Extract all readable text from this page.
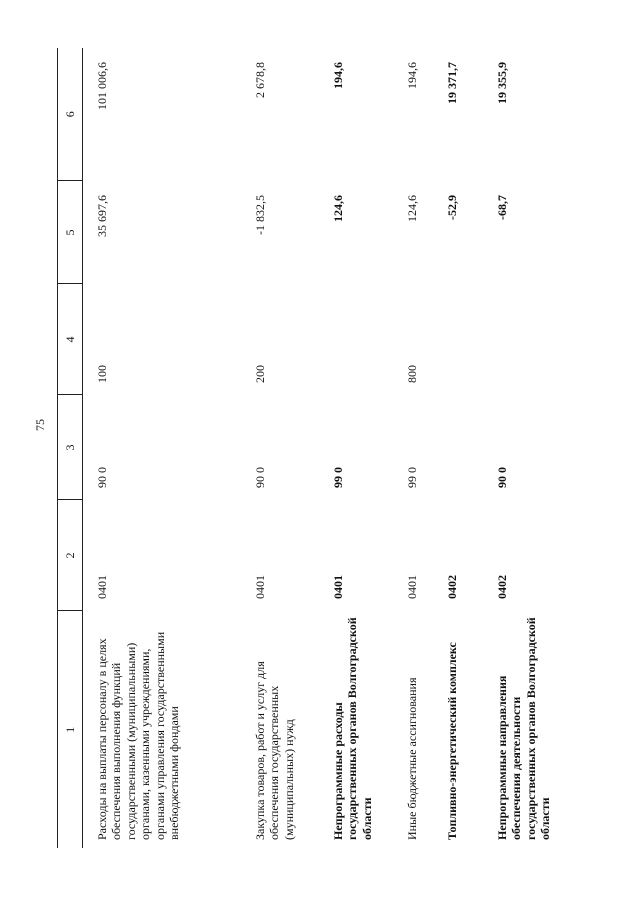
75
1	2	3	4	5	6
Расходы на выплаты персоналу в целях обеспечения выполнения функций государственными (муниципальными) органами, казенными учреждениями, органами управления государственными внебюджетными фондами	0401	90 0	100	35 697,6	101 006,6
Закупка товаров, работ и услуг для обеспечения государственных (муниципальных) нужд	0401	90 0	200	-1 832,5	2 678,8
Непрограммные расходы государственных органов Волгоградской области	0401	99 0		124,6	194,6
Иные бюджетные ассигнования	0401	99 0	800	124,6	194,6
Топливно-энергетический комплекс	0402			-52,9	19 371,7
Непрограммные направления обеспечения деятельности государственных органов Волгоградской области	0402	90 0		-68,7	19 355,9
